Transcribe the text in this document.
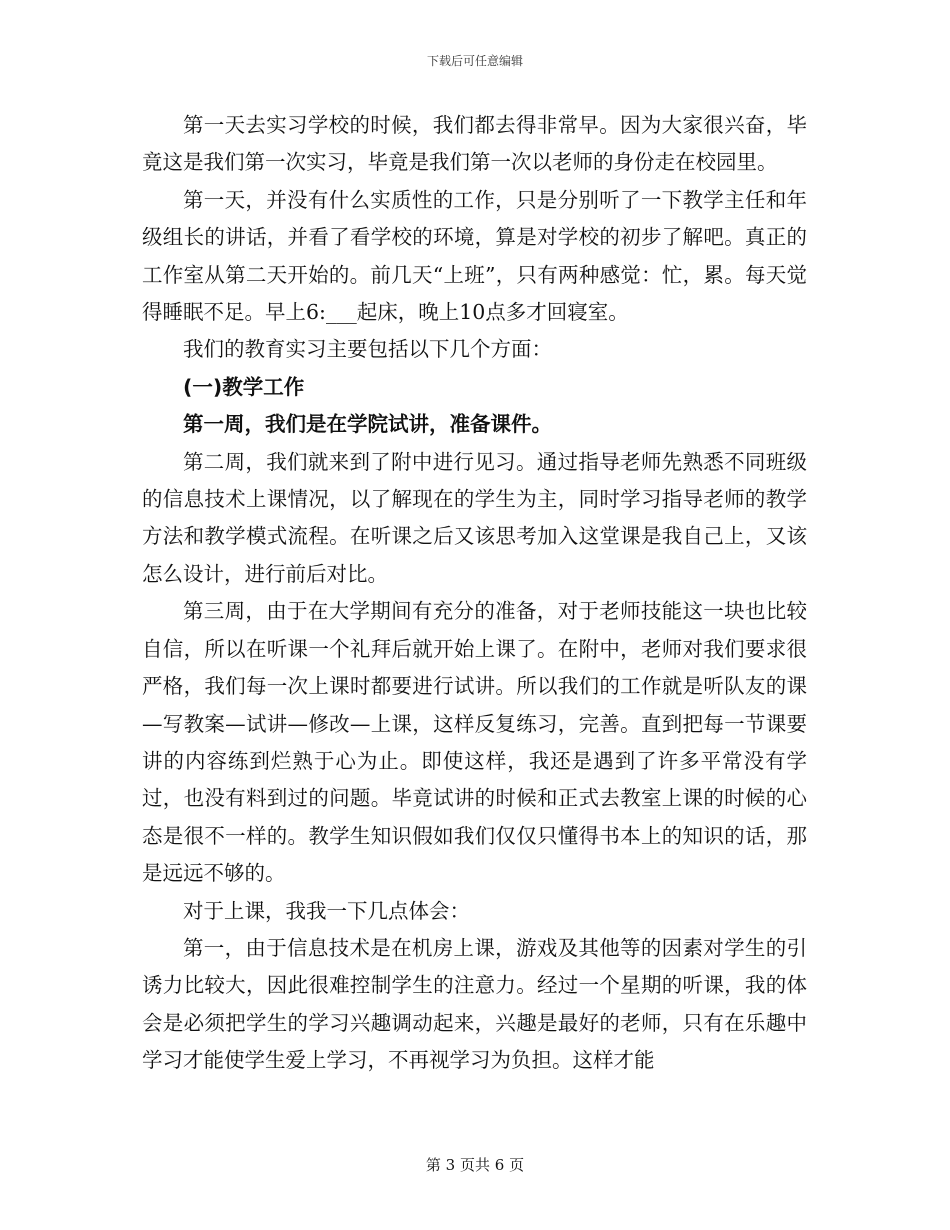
下载后可任意编辑

第一天去实习学校的时候，我们都去得非常早。因为大家很兴奋，毕竟这是我们第一次实习，毕竟是我们第一次以老师的身份走在校园里。

第一天，并没有什么实质性的工作，只是分别听了一下教学主任和年级组长的讲话，并看了看学校的环境，算是对学校的初步了解吧。真正的工作室从第二天开始的。前几天“上班”，只有两种感觉：忙，累。每天觉得睡眠不足。早上6:___起床，晚上10点多才回寝室。

我们的教育实习主要包括以下几个方面：

(一)教学工作

第一周，我们是在学院试讲，准备课件。

第二周，我们就来到了附中进行见习。通过指导老师先熟悉不同班级的信息技术上课情况，以了解现在的学生为主，同时学习指导老师的教学方法和教学模式流程。在听课之后又该思考加入这堂课是我自己上，又该怎么设计，进行前后对比。

第三周，由于在大学期间有充分的准备，对于老师技能这一块也比较自信，所以在听课一个礼拜后就开始上课了。在附中，老师对我们要求很严格，我们每一次上课时都要进行试讲。所以我们的工作就是听队友的课—写教案—试讲—修改—上课，这样反复练习，完善。直到把每一节课要讲的内容练到烂熟于心为止。即使这样，我还是遇到了许多平常没有学过，也没有料到过的问题。毕竟试讲的时候和正式去教室上课的时候的心态是很不一样的。教学生知识假如我们仅仅只懂得书本上的知识的话，那是远远不够的。

对于上课，我我一下几点体会：

第一，由于信息技术是在机房上课，游戏及其他等的因素对学生的引诱力比较大，因此很难控制学生的注意力。经过一个星期的听课，我的体会是必须把学生的学习兴趣调动起来，兴趣是最好的老师，只有在乐趣中学习才能使学生爱上学习，不再视学习为负担。这样才能

第 3 页共 6 页
